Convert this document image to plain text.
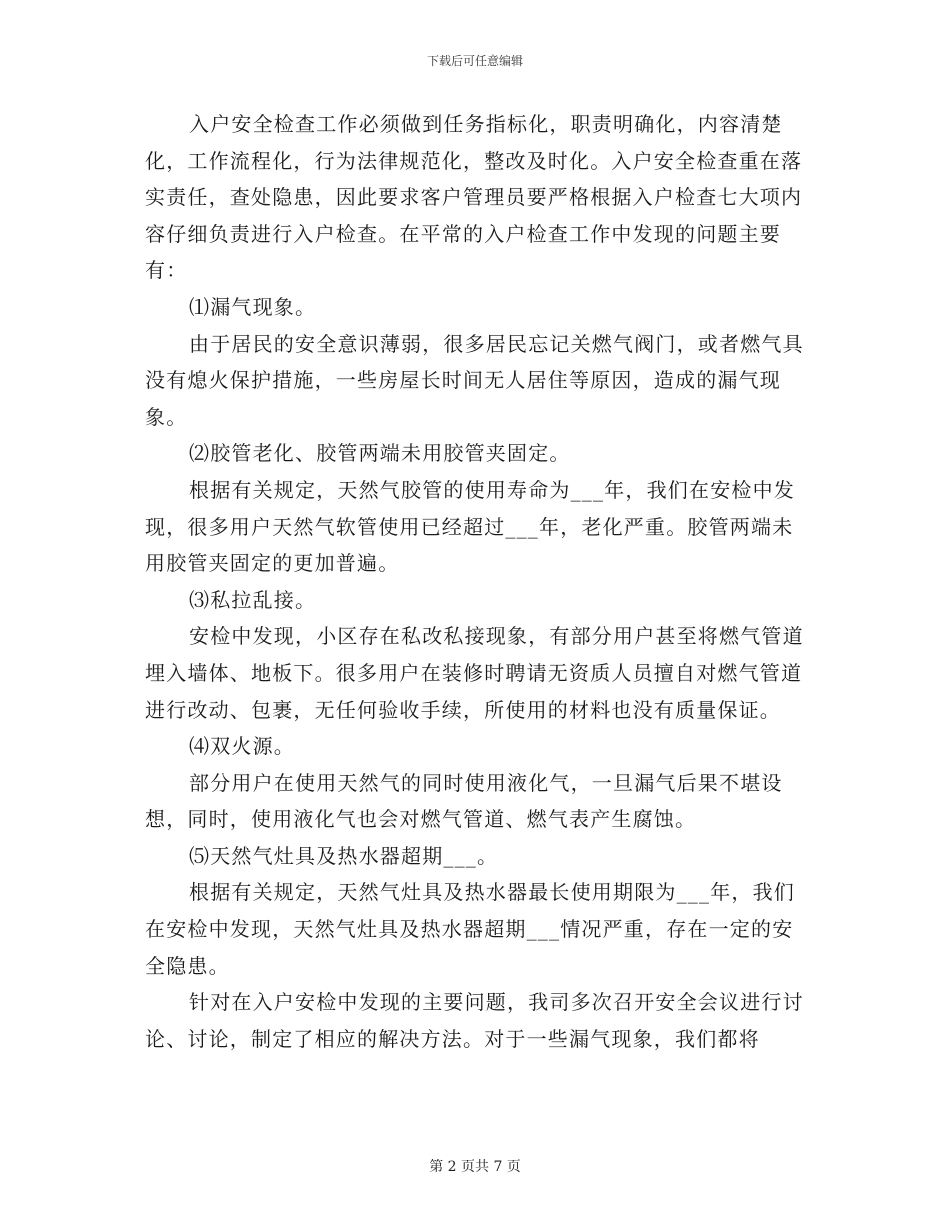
下载后可任意编辑

入户安全检查工作必须做到任务指标化，职责明确化，内容清楚化，工作流程化，行为法律规范化，整改及时化。入户安全检查重在落实责任，查处隐患，因此要求客户管理员要严格根据入户检查七大项内容仔细负责进行入户检查。在平常的入户检查工作中发现的问题主要有：

⑴漏气现象。

由于居民的安全意识薄弱，很多居民忘记关燃气阀门，或者燃气具没有熄火保护措施，一些房屋长时间无人居住等原因，造成的漏气现象。

⑵胶管老化、胶管两端未用胶管夹固定。

根据有关规定，天然气胶管的使用寿命为___年，我们在安检中发现，很多用户天然气软管使用已经超过___年，老化严重。胶管两端未用胶管夹固定的更加普遍。

⑶私拉乱接。

安检中发现，小区存在私改私接现象，有部分用户甚至将燃气管道埋入墙体、地板下。很多用户在装修时聘请无资质人员擅自对燃气管道进行改动、包裹，无任何验收手续，所使用的材料也没有质量保证。

⑷双火源。

部分用户在使用天然气的同时使用液化气，一旦漏气后果不堪设想，同时，使用液化气也会对燃气管道、燃气表产生腐蚀。

⑸天然气灶具及热水器超期___。

根据有关规定，天然气灶具及热水器最长使用期限为___年，我们在安检中发现，天然气灶具及热水器超期___情况严重，存在一定的安全隐患。

针对在入户安检中发现的主要问题，我司多次召开安全会议进行讨论、讨论，制定了相应的解决方法。对于一些漏气现象，我们都将

第 2 页共 7 页
